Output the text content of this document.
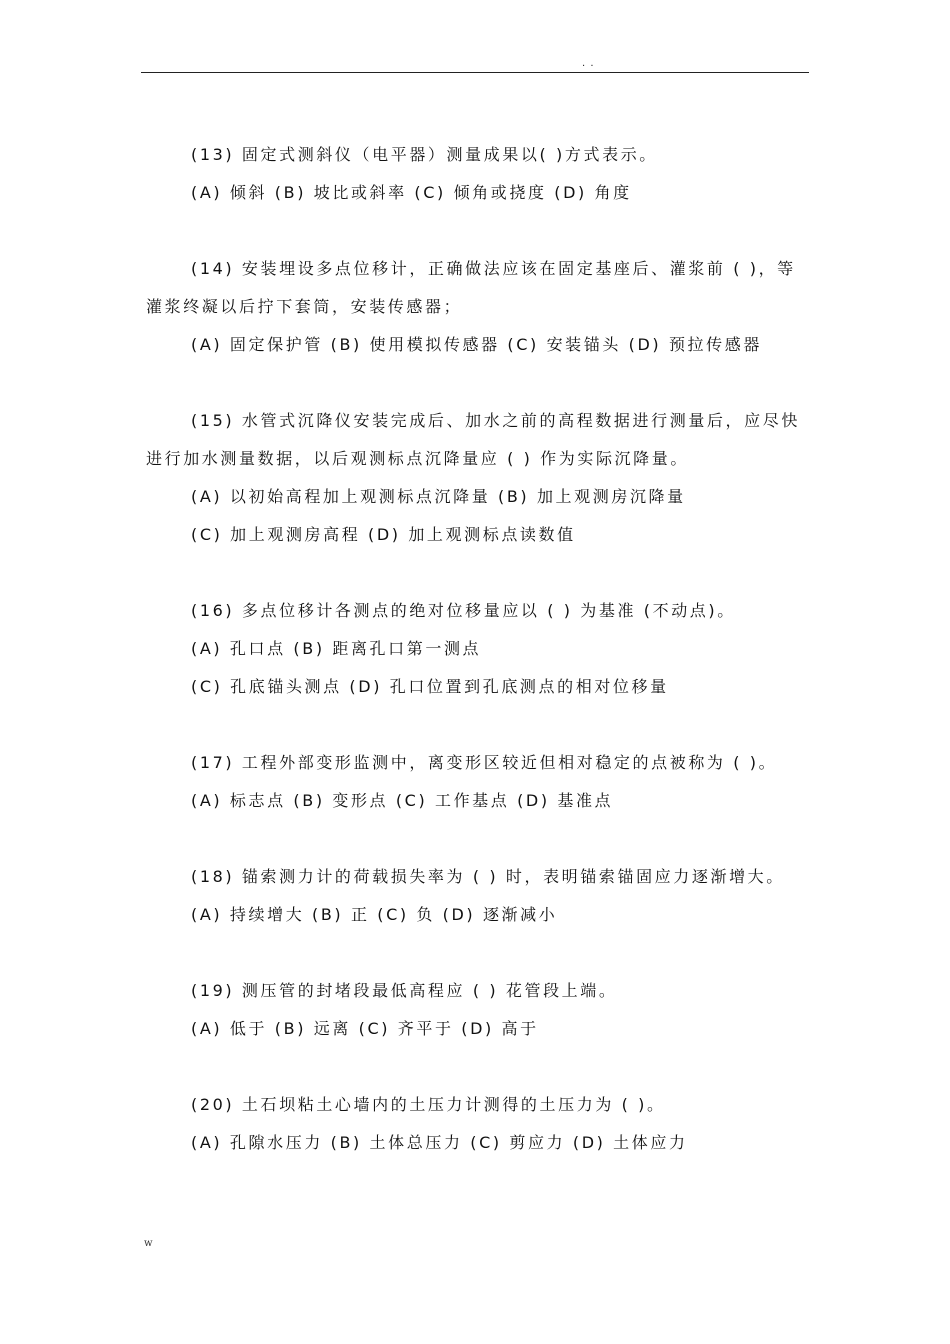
. .
(13) 固定式测斜仪（电平器）测量成果以( )方式表示。
(A) 倾斜 (B) 坡比或斜率 (C) 倾角或挠度 (D) 角度
(14) 安装埋设多点位移计，正确做法应该在固定基座后、灌浆前 ( )，等灌浆终凝以后拧下套筒，安装传感器；
(A) 固定保护管 (B) 使用模拟传感器 (C) 安装锚头 (D) 预拉传感器
(15) 水管式沉降仪安装完成后、加水之前的高程数据进行测量后，应尽快进行加水测量数据，以后观测标点沉降量应 ( ) 作为实际沉降量。
(A) 以初始高程加上观测标点沉降量 (B) 加上观测房沉降量
(C) 加上观测房高程 (D) 加上观测标点读数值
(16) 多点位移计各测点的绝对位移量应以 ( ) 为基准 (不动点)。
(A) 孔口点 (B) 距离孔口第一测点
(C) 孔底锚头测点 (D) 孔口位置到孔底测点的相对位移量
(17) 工程外部变形监测中，离变形区较近但相对稳定的点被称为 ( )。
(A) 标志点 (B) 变形点 (C) 工作基点 (D) 基准点
(18) 锚索测力计的荷载损失率为 ( ) 时，表明锚索锚固应力逐渐增大。
(A) 持续增大 (B) 正 (C) 负 (D) 逐渐减小
(19) 测压管的封堵段最低高程应 ( ) 花管段上端。
(A) 低于 (B) 远离 (C) 齐平于 (D) 高于
(20) 土石坝粘土心墙内的土压力计测得的土压力为 ( )。
(A) 孔隙水压力 (B) 土体总压力 (C) 剪应力 (D) 土体应力
w
